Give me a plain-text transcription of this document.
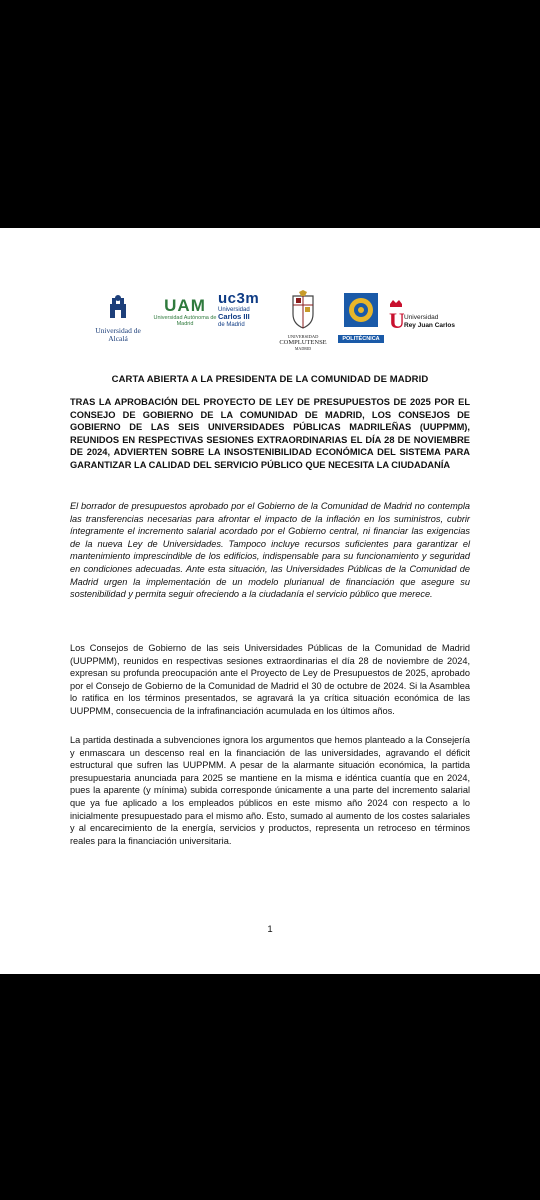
Universidad de Alcalá
UAM
Universidad Autónoma de Madrid
uc3m
Universidad
Carlos III
de Madrid
UNIVERSIDAD
COMPLUTENSE
MADRID
POLITÉCNICA
U Universidad
Rey Juan Carlos
CARTA ABIERTA A LA PRESIDENTA DE LA COMUNIDAD DE MADRID
TRAS LA APROBACIÓN DEL PROYECTO DE LEY DE PRESUPUESTOS DE 2025 POR EL CONSEJO DE GOBIERNO DE LA COMUNIDAD DE MADRID, LOS CONSEJOS DE GOBIERNO DE LAS SEIS UNIVERSIDADES PÚBLICAS MADRILEÑAS (UUPPMM), REUNIDOS EN RESPECTIVAS SESIONES EXTRAORDINARIAS EL DÍA 28 DE NOVIEMBRE DE 2024, ADVIERTEN SOBRE LA INSOSTENIBILIDAD ECONÓMICA DEL SISTEMA PARA GARANTIZAR LA CALIDAD DEL SERVICIO PÚBLICO QUE NECESITA LA CIUDADANÍA
El borrador de presupuestos aprobado por el Gobierno de la Comunidad de Madrid no contempla las transferencias necesarias para afrontar el impacto de la inflación en los suministros, cubrir íntegramente el incremento salarial acordado por el Gobierno central, ni financiar las exigencias de la nueva Ley de Universidades. Tampoco incluye recursos suficientes para garantizar el mantenimiento imprescindible de los edificios, indispensable para su funcionamiento y seguridad en condiciones adecuadas. Ante esta situación, las Universidades Públicas de la Comunidad de Madrid urgen la implementación de un modelo plurianual de financiación que asegure su sostenibilidad y permita seguir ofreciendo a la ciudadanía el servicio público que merece.
Los Consejos de Gobierno de las seis Universidades Públicas de la Comunidad de Madrid (UUPPMM), reunidos en respectivas sesiones extraordinarias el día 28 de noviembre de 2024, expresan su profunda preocupación ante el Proyecto de Ley de Presupuestos de 2025, aprobado por el Consejo de Gobierno de la Comunidad de Madrid el 30 de octubre de 2024. Si la Asamblea lo ratifica en los términos presentados, se agravará la ya crítica situación económica de las UUPPMM, consecuencia de la infrafinanciación acumulada en los últimos años.
La partida destinada a subvenciones ignora los argumentos que hemos planteado a la Consejería y enmascara un descenso real en la financiación de las universidades, agravando el déficit estructural que sufren las UUPPMM. A pesar de la alarmante situación económica, la partida presupuestaria anunciada para 2025 se mantiene en la misma e idéntica cuantía que en 2024, pues la aparente (y mínima) subida corresponde únicamente a una parte del incremento salarial que ya fue aplicado a los empleados públicos en este mismo año 2024 con respecto a lo inicialmente presupuestado para el mismo año. Esto, sumado al aumento de los costes salariales y al encarecimiento de la energía, servicios y productos, representa un retroceso en términos reales para la financiación universitaria.
1
